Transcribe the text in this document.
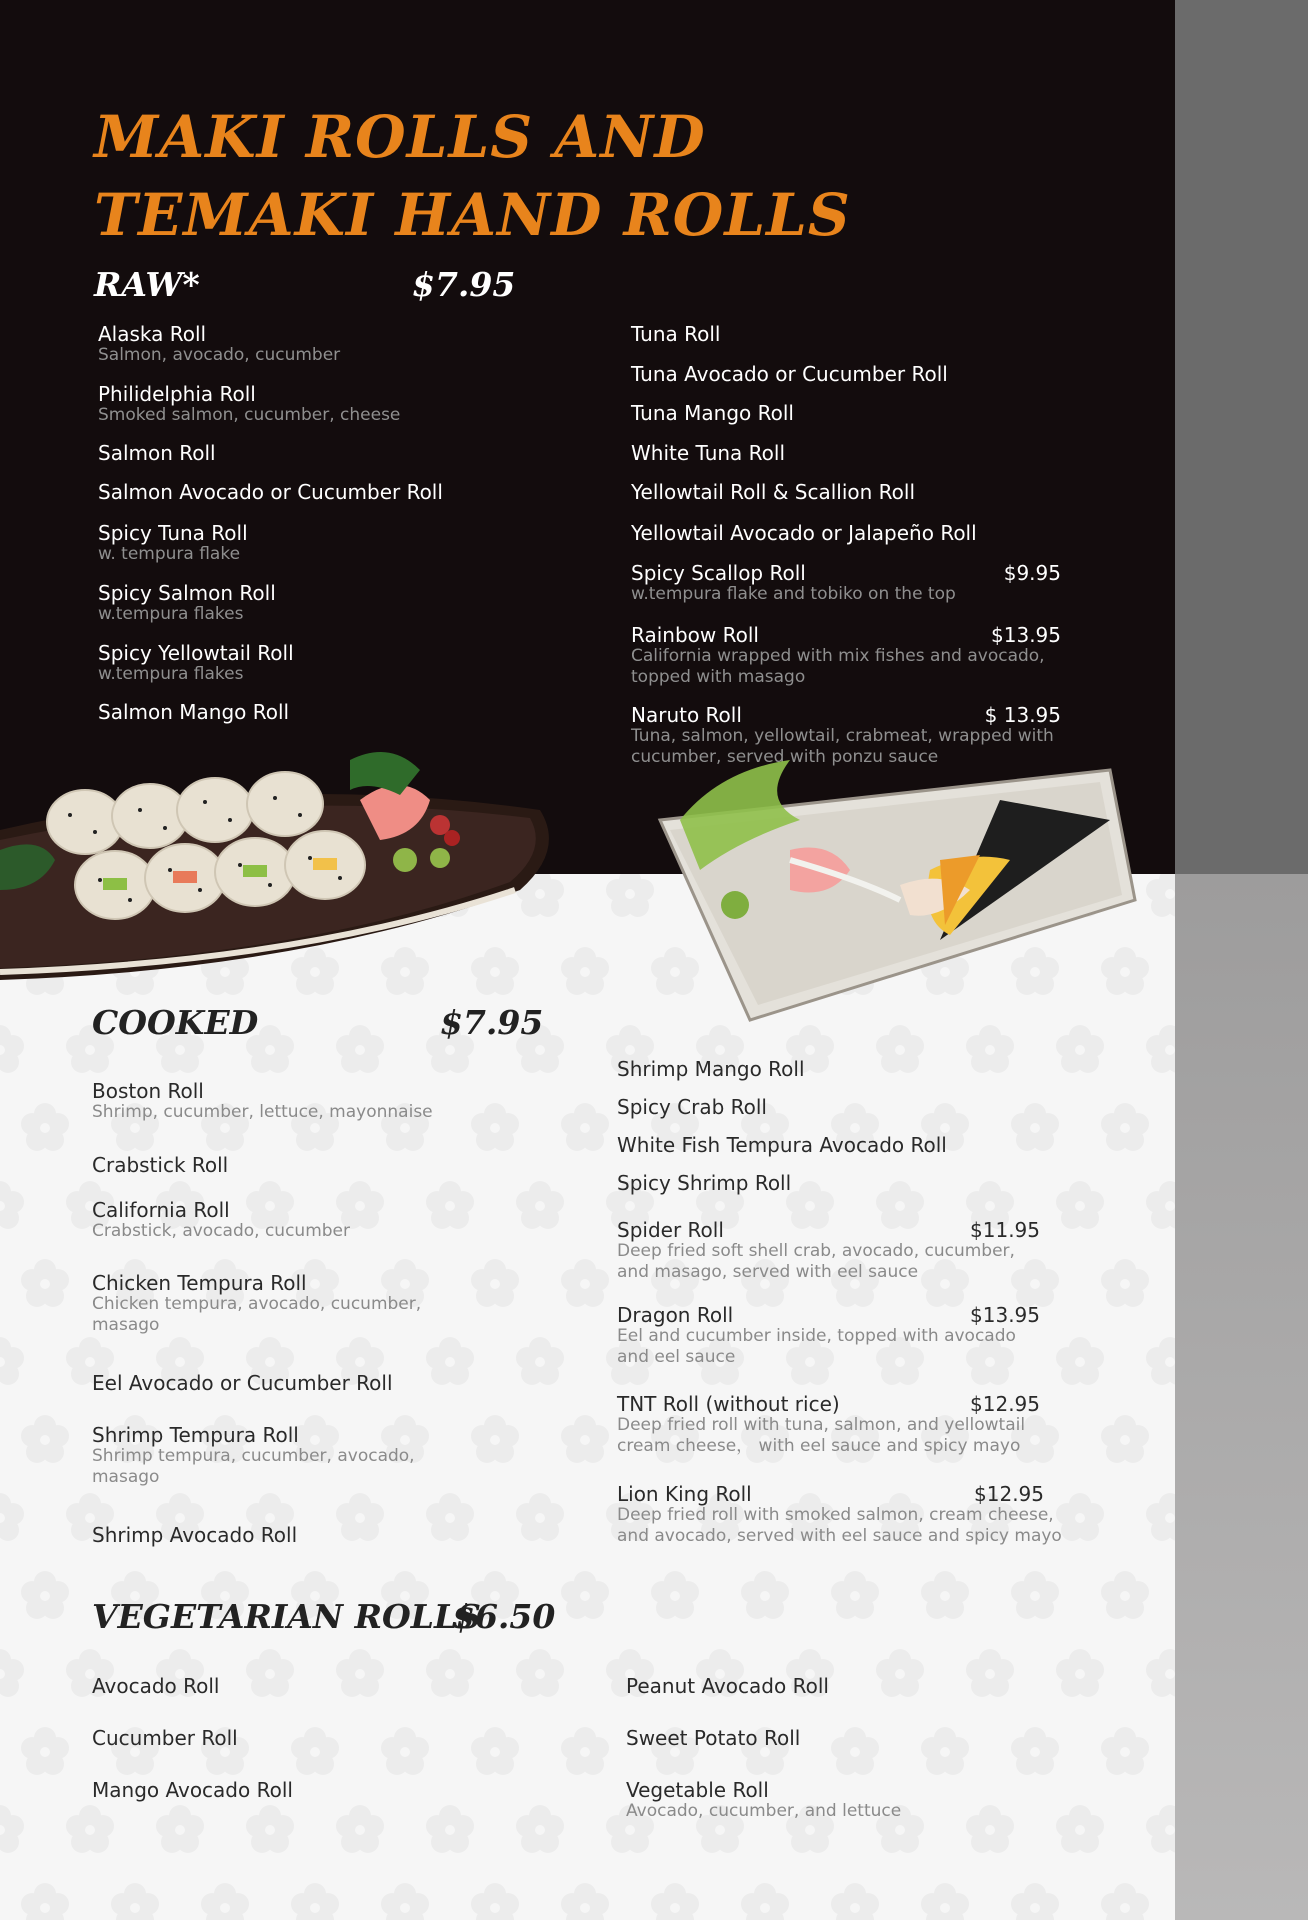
MAKI ROLLS AND
TEMAKI HAND ROLLS
RAW*	$7.95
Alaska Roll
Salmon, avocado, cucumber
Philidelphia Roll
Smoked salmon, cucumber, cheese
Salmon Roll
Salmon Avocado or Cucumber Roll
Spicy Tuna Roll
w. tempura flake
Spicy Salmon Roll
w.tempura flakes
Spicy Yellowtail Roll
w.tempura flakes
Salmon Mango Roll
Tuna Roll
Tuna Avocado or Cucumber Roll
Tuna Mango Roll
White Tuna Roll
Yellowtail Roll & Scallion Roll
Yellowtail Avocado or Jalapeño Roll
Spicy Scallop Roll
w.tempura flake and tobiko on the top
$9.95
Rainbow Roll
California wrapped with mix fishes and avocado, topped with masago
$13.95
Naruto Roll
Tuna, salmon, yellowtail, crabmeat, wrapped with cucumber, served with ponzu sauce
$ 13.95
COOKED	$7.95
Boston Roll
Shrimp, cucumber, lettuce, mayonnaise
Crabstick Roll
California Roll
Crabstick, avocado, cucumber
Chicken Tempura Roll
Chicken tempura, avocado, cucumber, masago
Eel Avocado or Cucumber Roll
Shrimp Tempura Roll
Shrimp tempura, cucumber, avocado, masago
Shrimp Avocado Roll
Shrimp Mango Roll
Spicy Crab Roll
White Fish Tempura Avocado Roll
Spicy Shrimp Roll
Spider Roll
Deep fried soft shell crab, avocado, cucumber, and masago, served with eel sauce
$11.95
Dragon Roll
Eel and cucumber inside, topped with avocado and eel sauce
$13.95
TNT Roll (without rice)
Deep fried roll with tuna, salmon, and yellowtail cream cheese， with eel sauce and spicy mayo
$12.95
Lion King Roll
Deep fried roll with smoked salmon, cream cheese, and avocado, served with eel sauce and spicy mayo
$12.95
VEGETARIAN ROLLS
$6.50
Avocado Roll
Cucumber Roll
Mango Avocado Roll
Peanut Avocado Roll
Sweet Potato Roll
Vegetable Roll
Avocado, cucumber, and lettuce
